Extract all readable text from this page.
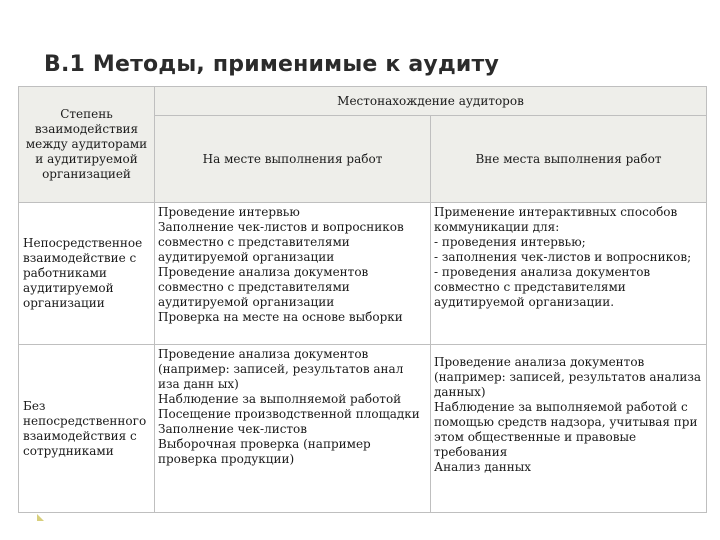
В.1 Методы, применимые к аудиту
Степень взаимодействия между аудиторами и аудитируемой организацией
Местонахождение аудиторов
На месте выполнения работ	Вне места выполнения работ
Непосредственное взаимодействие с работниками аудитируемой организации
Проведение интервью
Заполнение чек-листов и вопросников совместно с представителями аудитируемой организации
Проведение анализа документов совместно с представителями аудитируемой организации
Проверка на месте на основе выборки
Применение интерактивных способов коммуникации для:
- проведения интервью;
- заполнения чек-листов и вопросников;
- проведения анализа документов совместно с представителями аудитируемой организации.
Без непосредственного взаимодействия с сотрудниками
Проведение анализа документов (например: записей, результатов анал иза данн ых)
Наблюдение за выполняемой работой
Посещение производственной площадки
Заполнение чек-листов
Выборочная проверка (например проверка продукции)
Проведение анализа документов (например: записей, результатов анализа данных)
Наблюдение за выполняемой работой с помощью средств надзора, учитывая при этом общественные и правовые требования
Анализ данных
